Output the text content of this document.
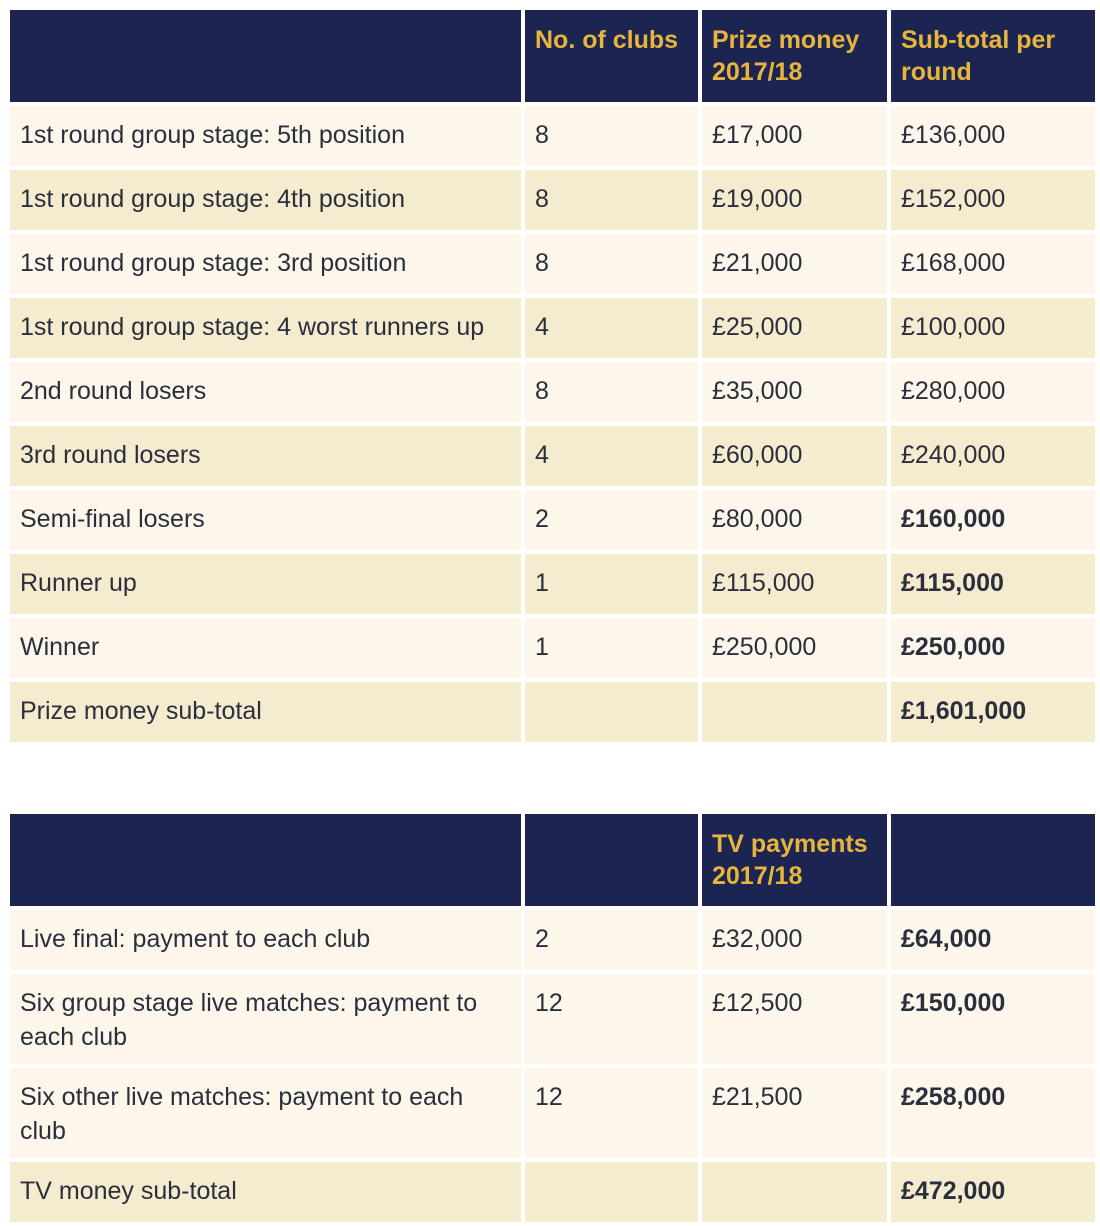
	No. of clubs	Prize money 2017/18	Sub-total per round
1st round group stage: 5th position	8	£17,000	£136,000
1st round group stage: 4th position	8	£19,000	£152,000
1st round group stage: 3rd position	8	£21,000	£168,000
1st round group stage: 4 worst runners up	4	£25,000	£100,000
2nd round losers	8	£35,000	£280,000
3rd round losers	4	£60,000	£240,000
Semi-final losers	2	£80,000	£160,000
Runner up	1	£115,000	£115,000
Winner	1	£250,000	£250,000
Prize money sub-total			£1,601,000
		TV payments 2017/18	
Live final: payment to each club	2	£32,000	£64,000
Six group stage live matches: payment to each club	12	£12,500	£150,000
Six other live matches: payment to each club	12	£21,500	£258,000
TV money sub-total			£472,000
